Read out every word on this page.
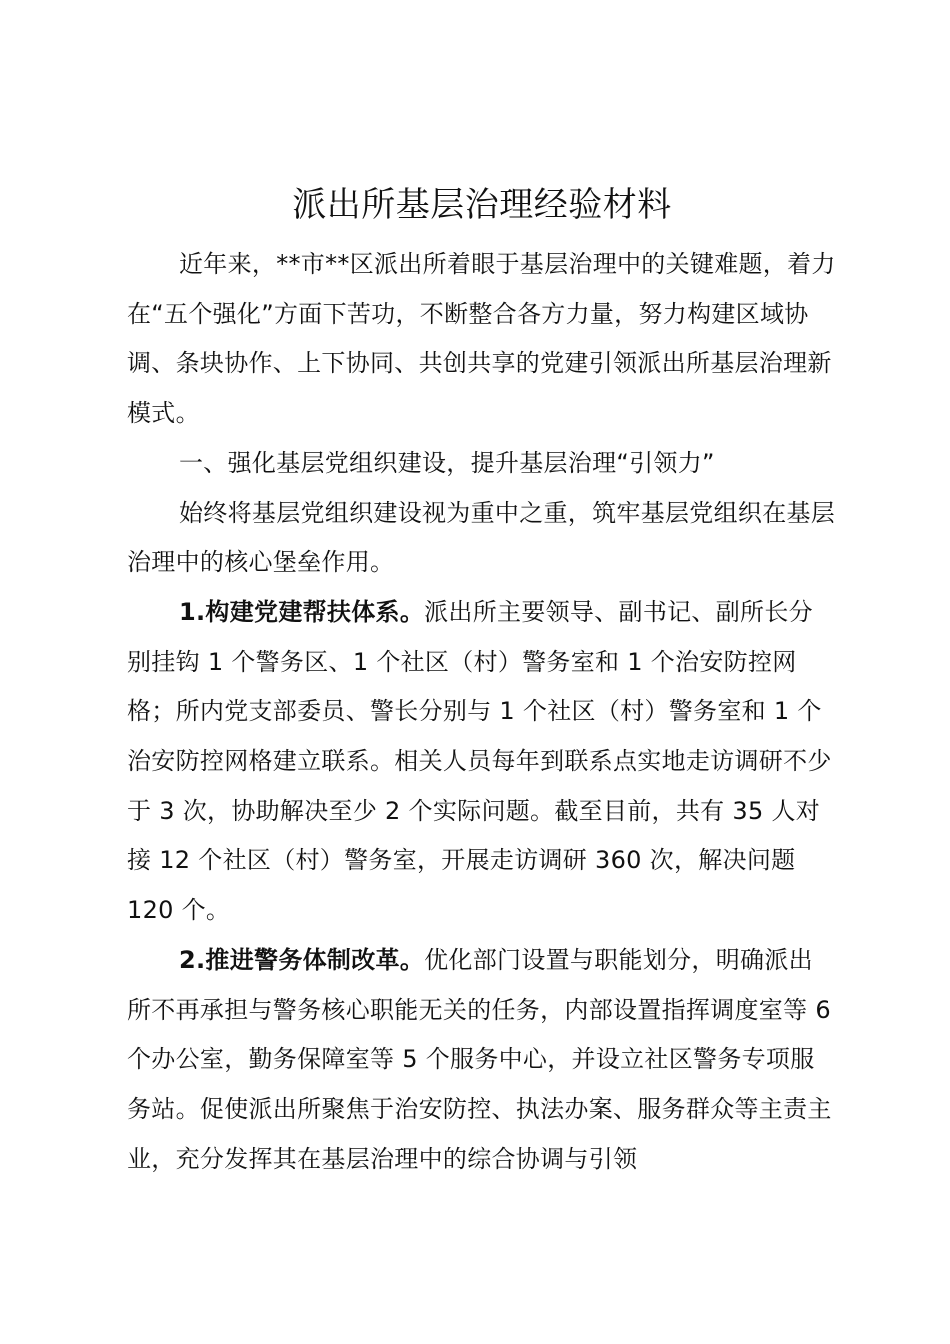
派出所基层治理经验材料

近年来，**市**区派出所着眼于基层治理中的关键难题，着力在“五个强化”方面下苦功，不断整合各方力量，努力构建区域协调、条块协作、上下协同、共创共享的党建引领派出所基层治理新模式。

一、强化基层党组织建设，提升基层治理“引领力”

始终将基层党组织建设视为重中之重，筑牢基层党组织在基层治理中的核心堡垒作用。

1.构建党建帮扶体系。派出所主要领导、副书记、副所长分别挂钩 1 个警务区、1 个社区（村）警务室和 1 个治安防控网格；所内党支部委员、警长分别与 1 个社区（村）警务室和 1 个治安防控网格建立联系。相关人员每年到联系点实地走访调研不少于 3 次，协助解决至少 2 个实际问题。截至目前，共有 35 人对接 12 个社区（村）警务室，开展走访调研 360 次，解决问题 120 个。

2.推进警务体制改革。优化部门设置与职能划分，明确派出所不再承担与警务核心职能无关的任务，内部设置指挥调度室等 6 个办公室，勤务保障室等 5 个服务中心，并设立社区警务专项服务站。促使派出所聚焦于治安防控、执法办案、服务群众等主责主业，充分发挥其在基层治理中的综合协调与引领
